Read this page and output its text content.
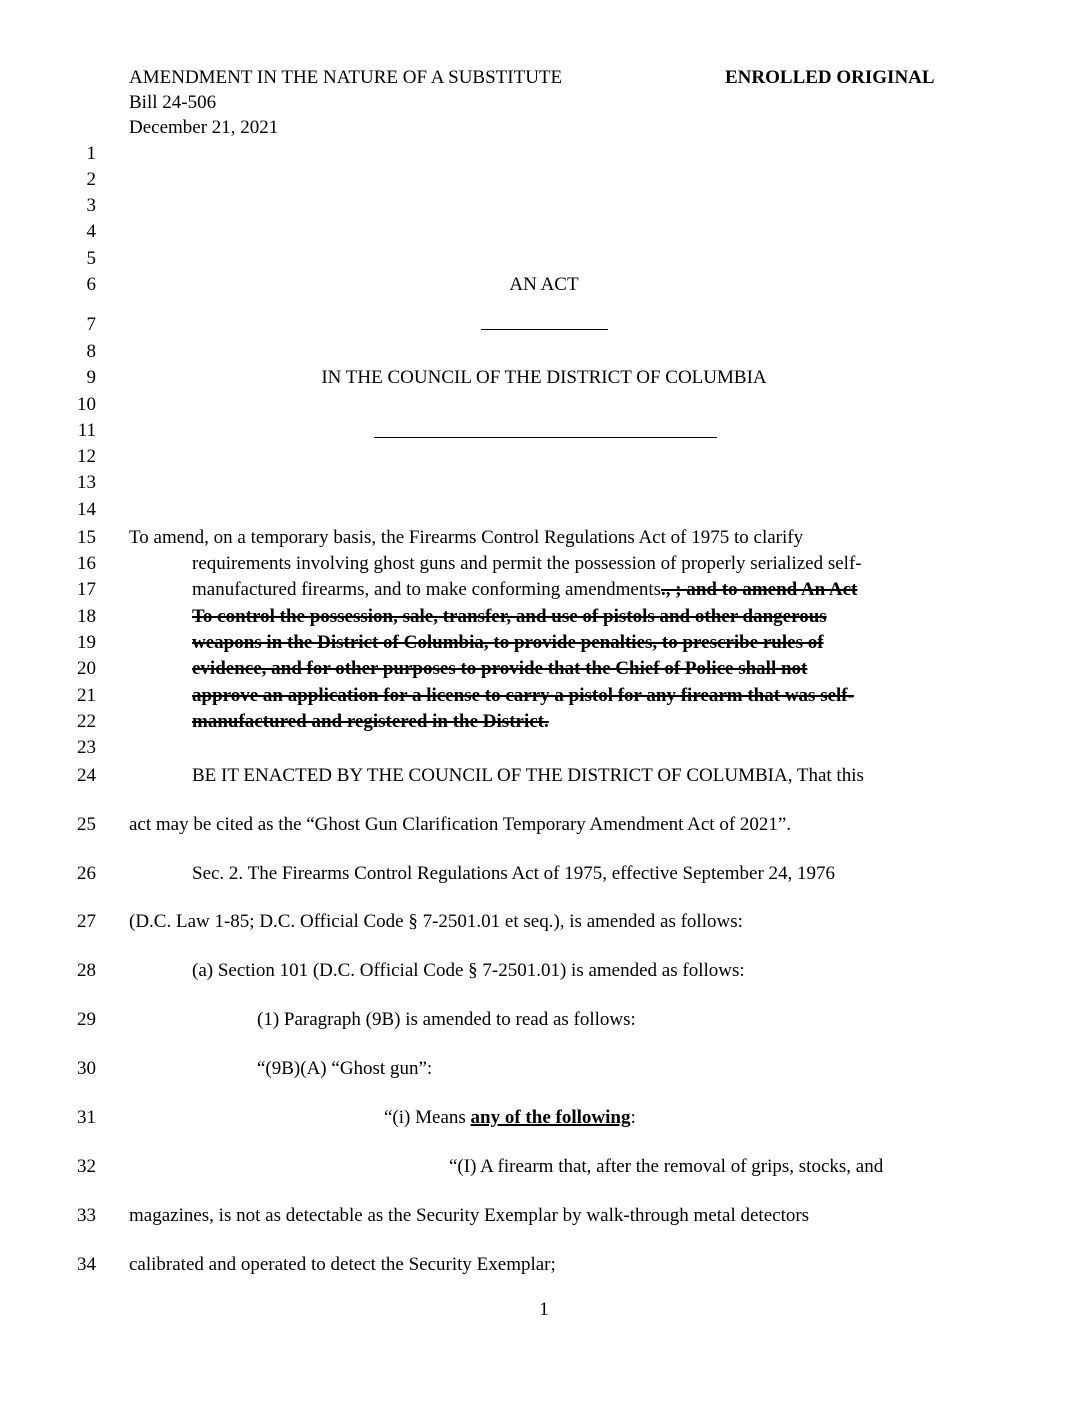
AMENDMENT IN THE NATURE OF A SUBSTITUTE	ENROLLED ORIGINAL
Bill 24-506
December 21, 2021
1
2
3
4
5
6
7
8
9
10
11
12
13
14
15
16
17
18
19
20
21
22
23
24
25
26
27
28
29
30
31
32
33
34
AN ACT
IN THE COUNCIL OF THE DISTRICT OF COLUMBIA
To amend, on a temporary basis, the Firearms Control Regulations Act of 1975 to clarify
requirements involving ghost guns and permit the possession of properly serialized self-
manufactured firearms, and to make conforming amendments., ; and to amend An Act
To control the possession, sale, transfer, and use of pistols and other dangerous
weapons in the District of Columbia, to provide penalties, to prescribe rules of
evidence, and for other purposes to provide that the Chief of Police shall not
approve an application for a license to carry a pistol for any firearm that was self-
manufactured and registered in the District.
BE IT ENACTED BY THE COUNCIL OF THE DISTRICT OF COLUMBIA, That this
act may be cited as the “Ghost Gun Clarification Temporary Amendment Act of 2021”.
Sec. 2. The Firearms Control Regulations Act of 1975, effective September 24, 1976
(D.C. Law 1-85; D.C. Official Code § 7-2501.01 et seq.), is amended as follows:
(a) Section 101 (D.C. Official Code § 7-2501.01) is amended as follows:
(1) Paragraph (9B) is amended to read as follows:
“(9B)(A) “Ghost gun”:
“(i) Means any of the following:
“(I) A firearm that, after the removal of grips, stocks, and
magazines, is not as detectable as the Security Exemplar by walk-through metal detectors
calibrated and operated to detect the Security Exemplar;
1
